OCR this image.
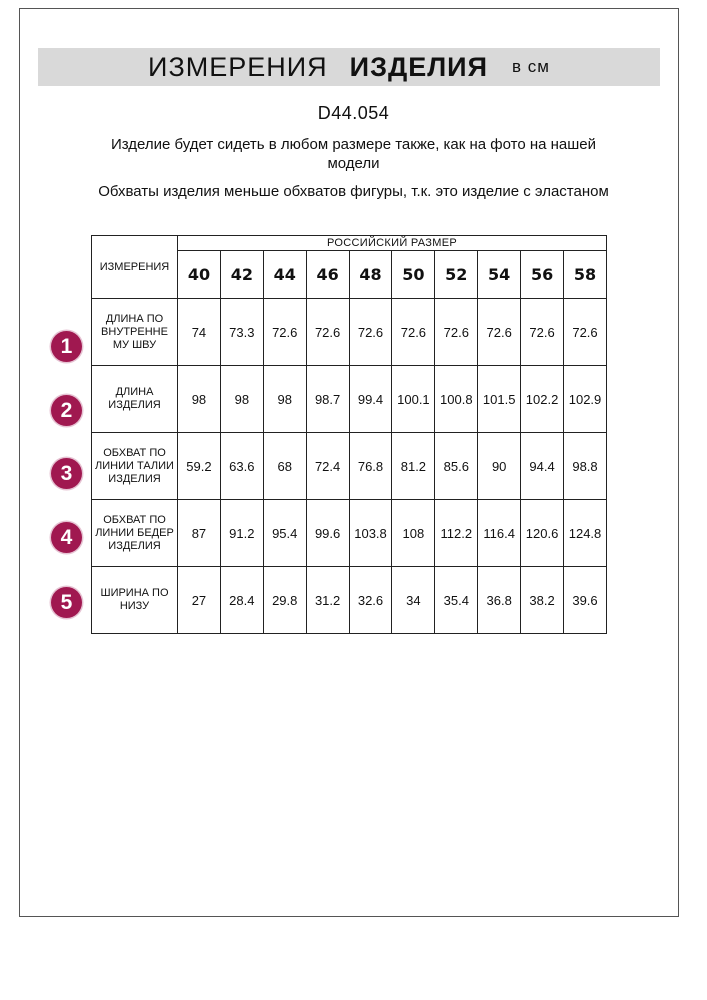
ИЗМЕРЕНИЯ ИЗДЕЛИЯ в см
D44.054
Изделие будет сидеть в любом размере также, как на фото на нашей модели
Обхваты изделия меньше обхватов фигуры, т.к. это изделие с эластаном
ИЗМЕРЕНИЯ	РОССИЙСКИЙ РАЗМЕР									
	40	42	44	46	48	50	52	54	56	58
ДЛИНА ПО ВНУТРЕННЕ МУ ШВУ	74	73.3	72.6	72.6	72.6	72.6	72.6	72.6	72.6	72.6
ДЛИНА ИЗДЕЛИЯ	98	98	98	98.7	99.4	100.1	100.8	101.5	102.2	102.9
ОБХВАТ ПО ЛИНИИ ТАЛИИ ИЗДЕЛИЯ	59.2	63.6	68	72.4	76.8	81.2	85.6	90	94.4	98.8
ОБХВАТ ПО ЛИНИИ БЕДЕР ИЗДЕЛИЯ	87	91.2	95.4	99.6	103.8	108	112.2	116.4	120.6	124.8
ШИРИНА ПО НИЗУ	27	28.4	29.8	31.2	32.6	34	35.4	36.8	38.2	39.6
1
2
3
4
5
